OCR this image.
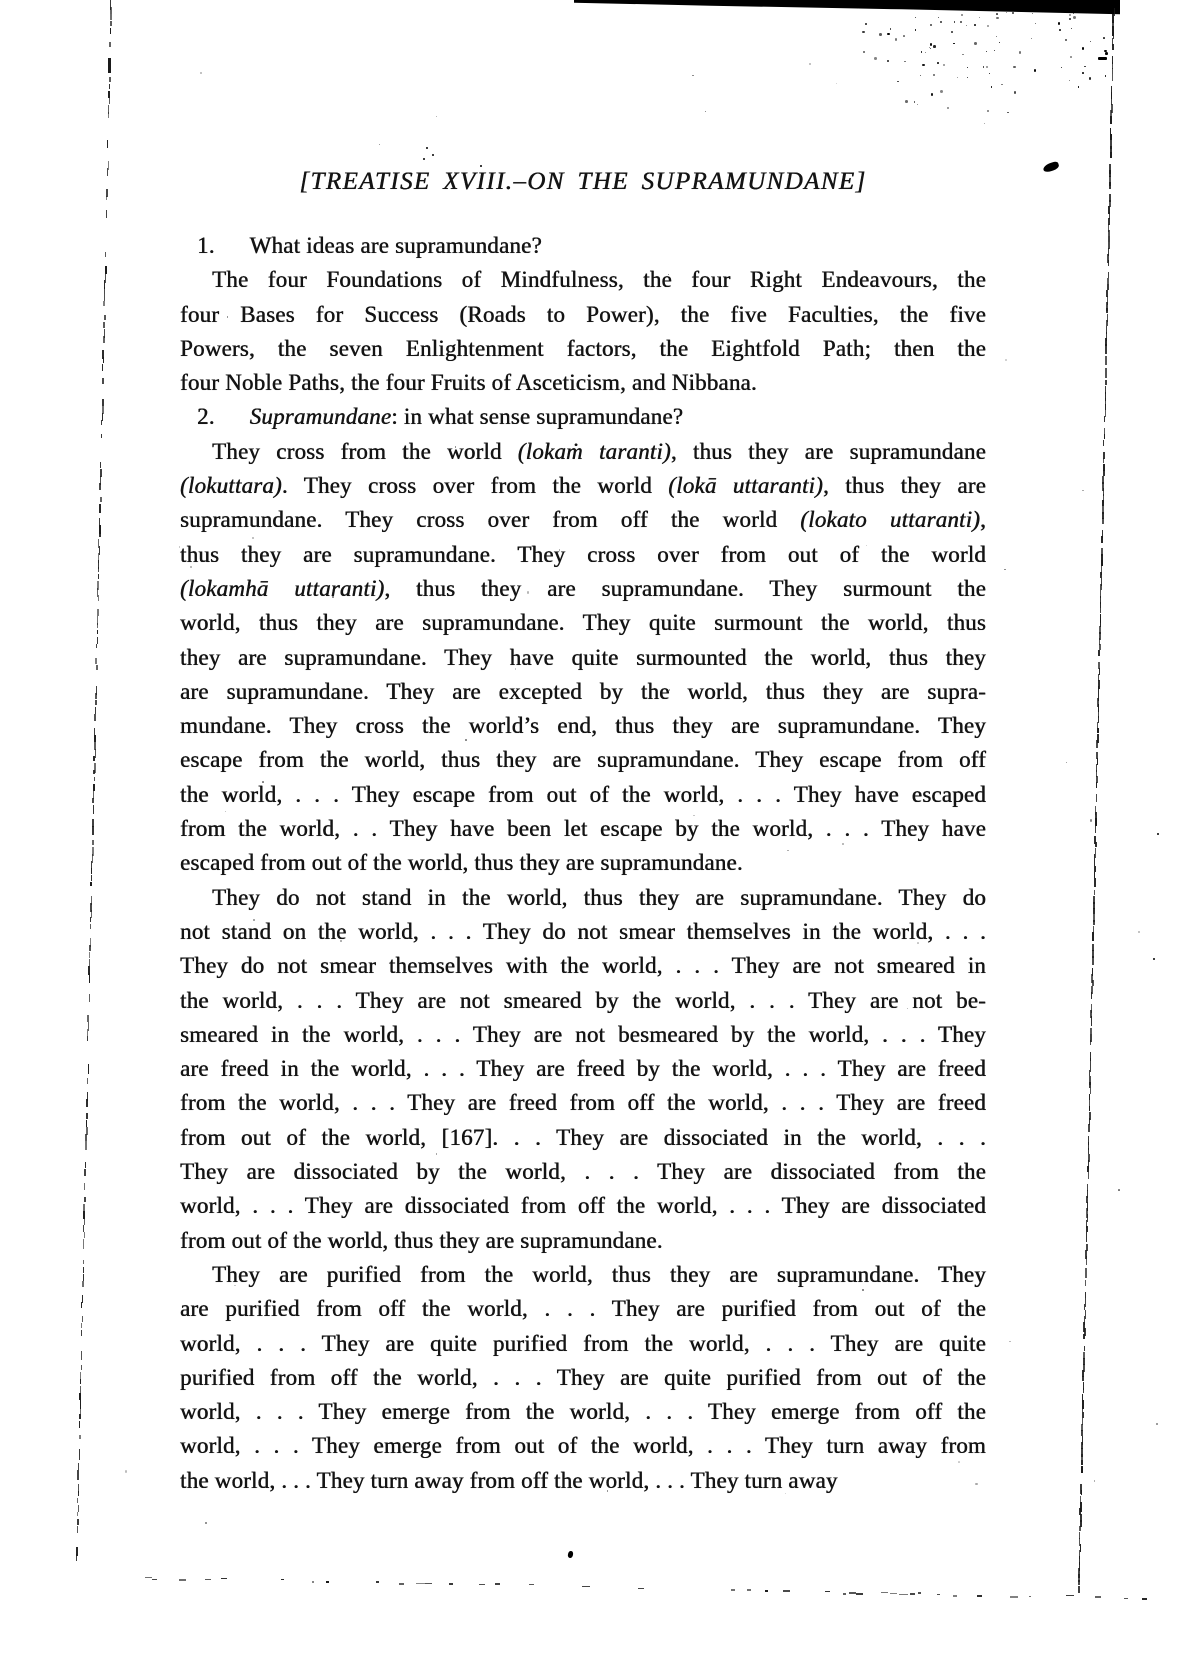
[TREATISE XVIII.–ON THE SUPRAMUNDANE]
1.  What ideas are supramundane?
The four Foundations of Mindfulness, the four Right Endeavours, the
four Bases for Success (Roads to Power), the five Faculties, the five
Powers, the seven Enlightenment factors, the Eightfold Path; then the
four Noble Paths, the four Fruits of Asceticism, and Nibbana.
2.  Supramundane: in what sense supramundane?
They cross from the world (lokaṁ taranti), thus they are supramundane
(lokuttara). They cross over from the world (lokā uttaranti), thus they are
supramundane. They cross over from off the world (lokato uttaranti),
thus they are supramundane. They cross over from out of the world
(lokamhā uttaranti), thus they are supramundane. They surmount the
world, thus they are supramundane. They quite surmount the world, thus
they are supramundane. They have quite surmounted the world, thus they
are supramundane. They are excepted by the world, thus they are supra-
mundane. They cross the world’s end, thus they are supramundane. They
escape from the world, thus they are supramundane. They escape from off
the world, . . . They escape from out of the world, . . . They have escaped
from the world, . . They have been let escape by the world, . . . They have
escaped from out of the world, thus they are supramundane.
They do not stand in the world, thus they are supramundane. They do
not stand on the world, . . . They do not smear themselves in the world, . . .
They do not smear themselves with the world, . . . They are not smeared in
the world, . . . They are not smeared by the world, . . . They are not be-
smeared in the world, . . . They are not besmeared by the world, . . . They
are freed in the world, . . . They are freed by the world, . . . They are freed
from the world, . . . They are freed from off the world, . . . They are freed
from out of the world, [167]. . . They are dissociated in the world, . . .
They are dissociated by the world, . . . They are dissociated from the
world, . . . They are dissociated from off the world, . . . They are dissociated
from out of the world, thus they are supramundane.
They are purified from the world, thus they are supramundane. They
are purified from off the world, . . . They are purified from out of the
world, . . . They are quite purified from the world, . . . They are quite
purified from off the world, . . . They are quite purified from out of the
world, . . . They emerge from the world, . . . They emerge from off the
world, . . . They emerge from out of the world, . . . They turn away from
the world, . . . They turn away from off the world, . . . They turn away
